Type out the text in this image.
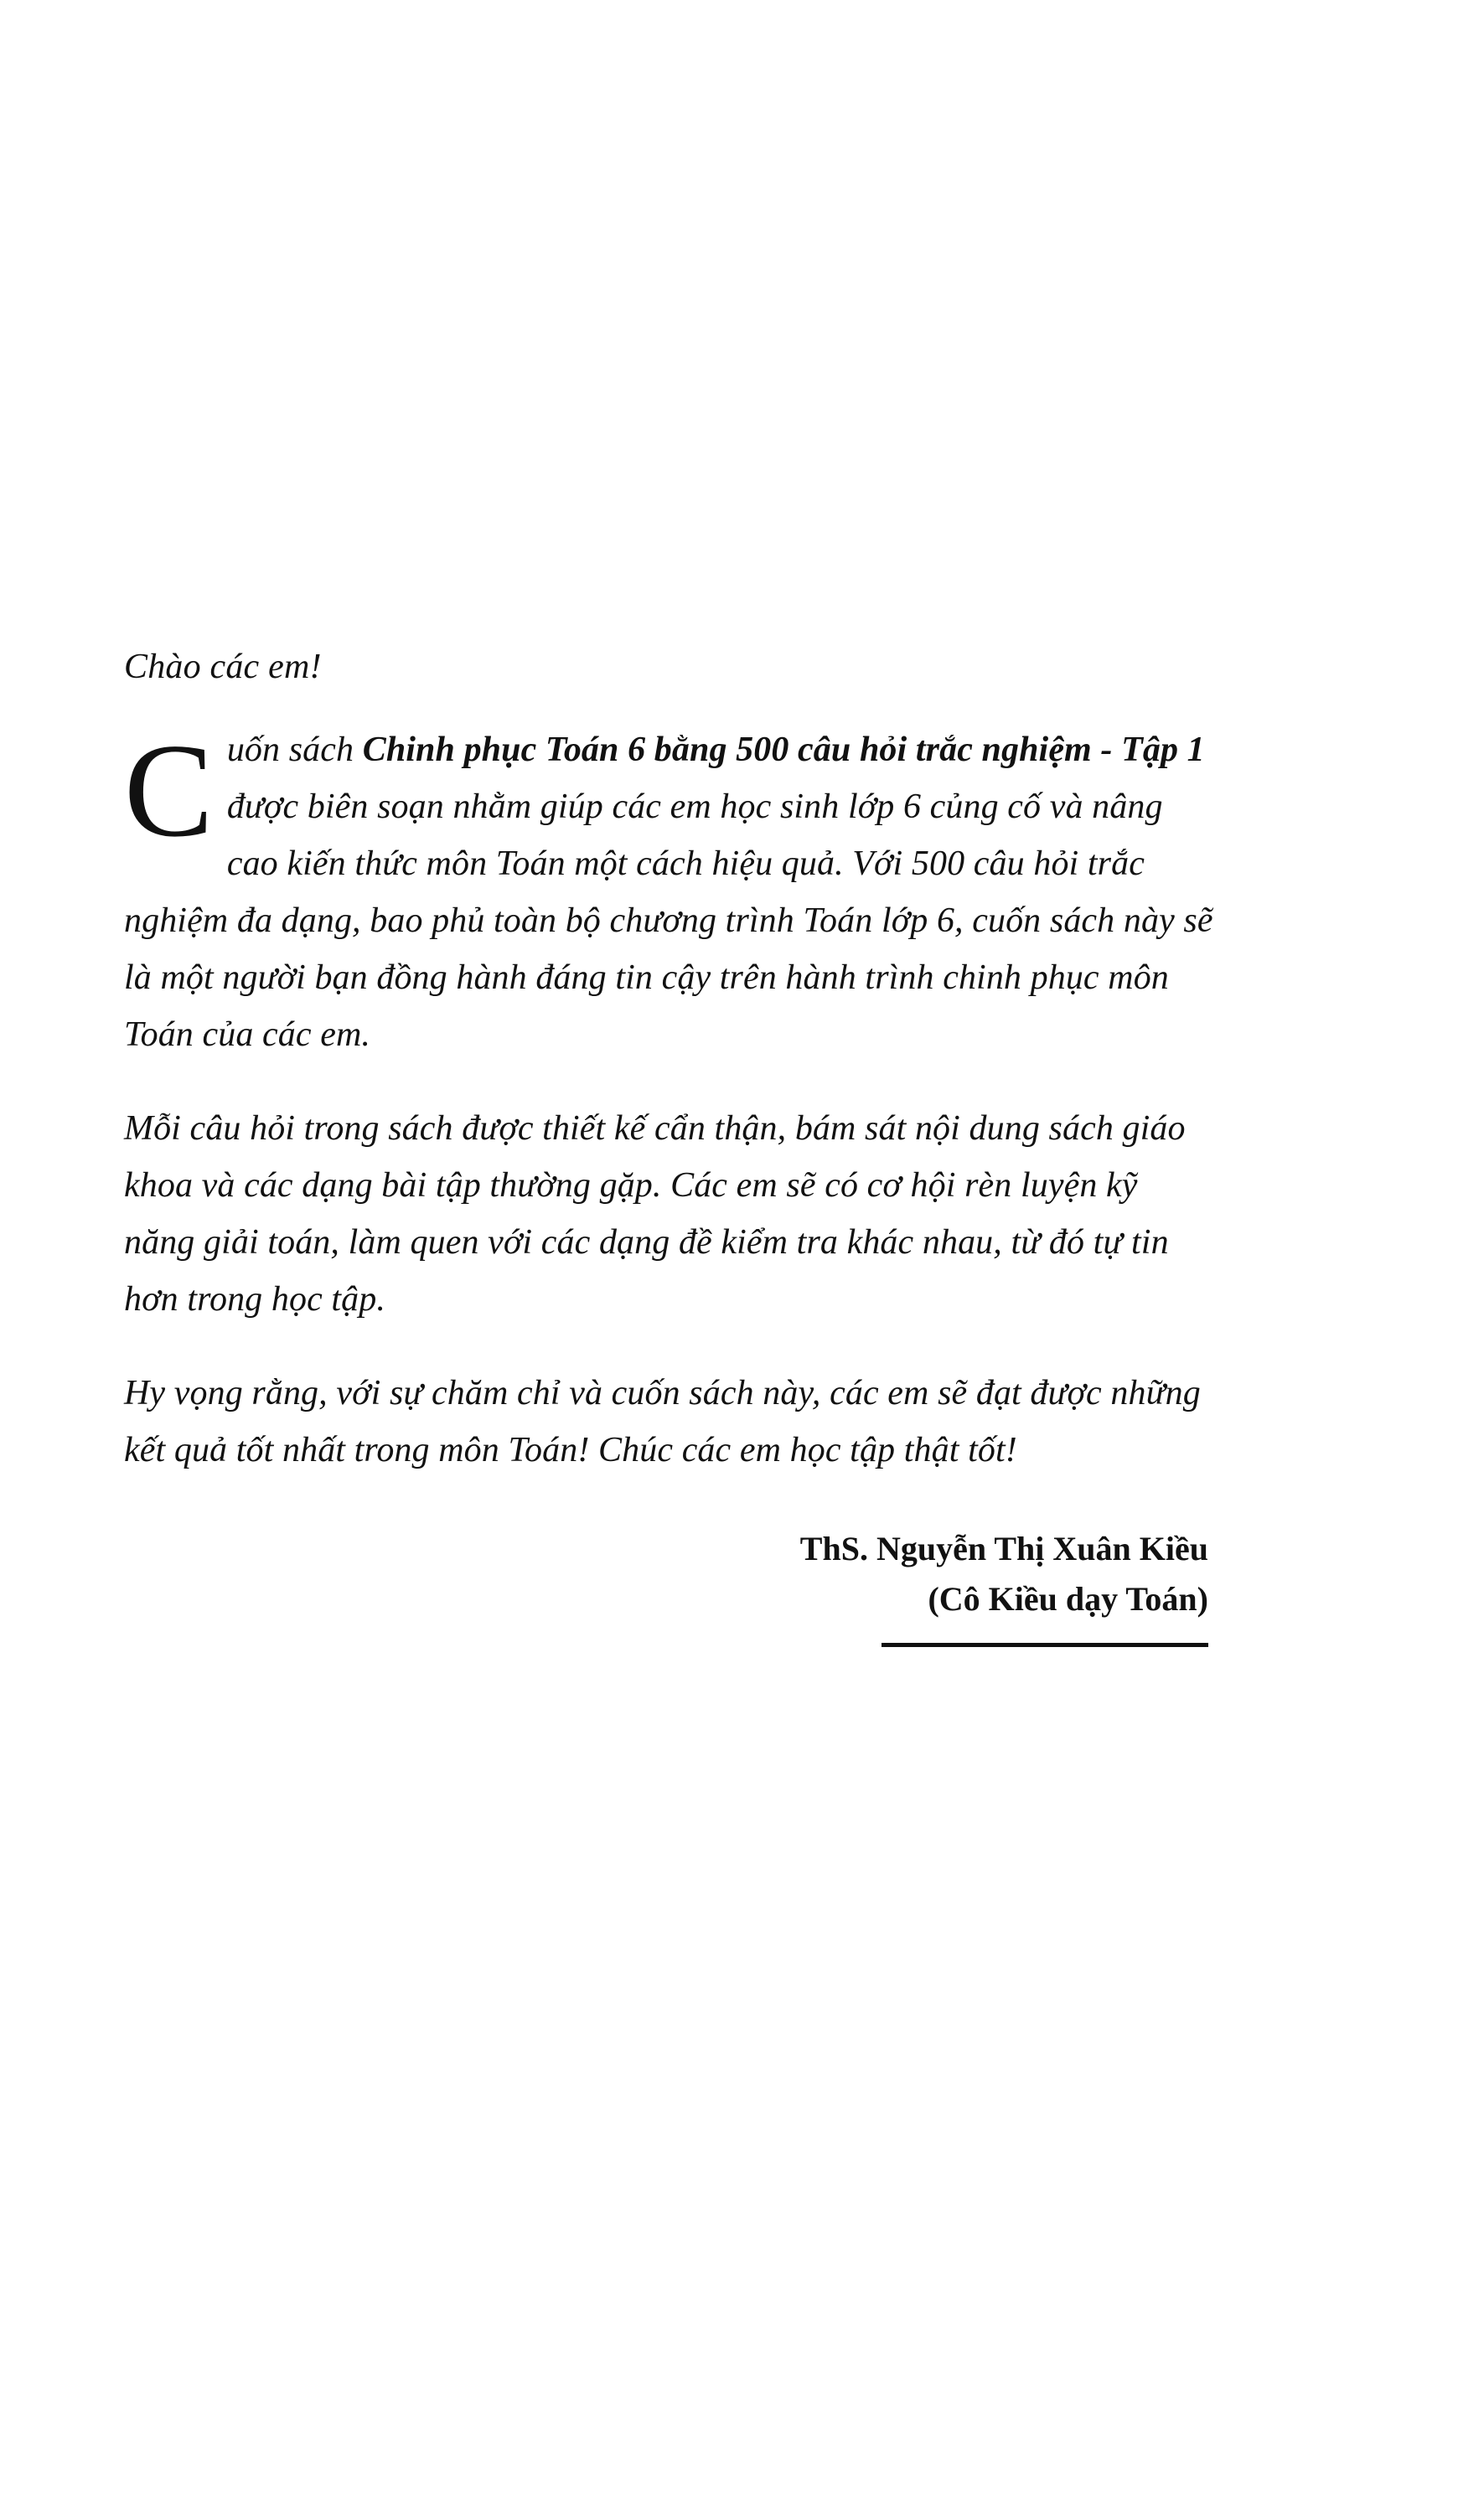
Chào các em!

Cuốn sách Chinh phục Toán 6 bằng 500 câu hỏi trắc nghiệm - Tập 1 được biên soạn nhằm giúp các em học sinh lớp 6 củng cố và nâng cao kiến thức môn Toán một cách hiệu quả. Với 500 câu hỏi trắc nghiệm đa dạng, bao phủ toàn bộ chương trình Toán lớp 6, cuốn sách này sẽ là một người bạn đồng hành đáng tin cậy trên hành trình chinh phục môn Toán của các em.

Mỗi câu hỏi trong sách được thiết kế cẩn thận, bám sát nội dung sách giáo khoa và các dạng bài tập thường gặp. Các em sẽ có cơ hội rèn luyện kỹ năng giải toán, làm quen với các dạng đề kiểm tra khác nhau, từ đó tự tin hơn trong học tập.

Hy vọng rằng, với sự chăm chỉ và cuốn sách này, các em sẽ đạt được những kết quả tốt nhất trong môn Toán! Chúc các em học tập thật tốt!

ThS. Nguyễn Thị Xuân Kiều
(Cô Kiều dạy Toán)
